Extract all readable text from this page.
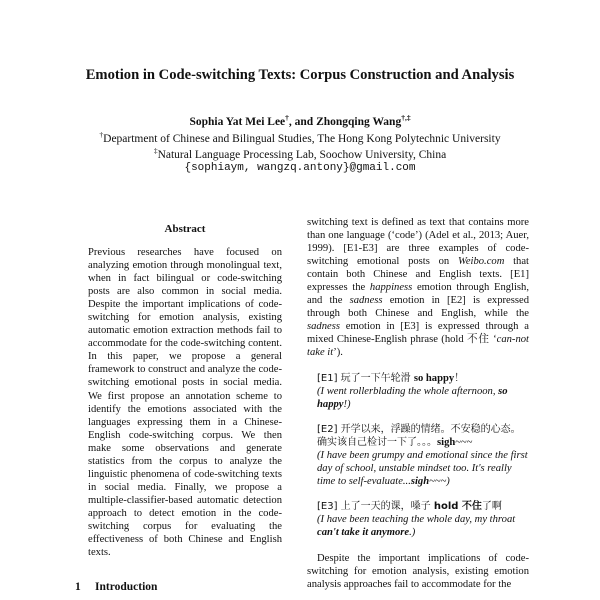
Emotion in Code-switching Texts: Corpus Construction and Analysis
Sophia Yat Mei Lee†, and Zhongqing Wang†,‡
†Department of Chinese and Bilingual Studies, The Hong Kong Polytechnic University
‡Natural Language Processing Lab, Soochow University, China
{sophiaym, wangzq.antony}@gmail.com
Abstract

Previous researches have focused on analyzing emotion through monolingual text, when in fact bilingual or code-switching posts are also common in social media. Despite the important implications of code-switching for emotion analysis, existing automatic emotion extraction methods fail to accommodate for the code-switching content. In this paper, we propose a general framework to construct and analyze the code-switching emotional posts in social media. We first propose an annotation scheme to identify the emotions associated with the languages expressing them in a Chinese-English code-switching corpus. We then make some observations and generate statistics from the corpus to analyze the linguistic phenomena of code-switching texts in social media. Finally, we propose a multiple-classifier-based automatic detection approach to detect emotion in the code-switching corpus for evaluating the effectiveness of both Chinese and English texts.

1 Introduction

switching text is defined as text that contains more than one language (‘code’) (Adel et al., 2013; Auer, 1999). [E1-E3] are three examples of code-switching emotional posts on Weibo.com that contain both Chinese and English texts. [E1] expresses the happiness emotion through English, and the sadness emotion in [E2] is expressed through both Chinese and English, while the sadness emotion in [E3] is expressed through a mixed Chinese-English phrase (hold 不住 ‘can-not take it’).

[E1] 玩了一下午轮滑 so happy！

(I went rollerblading the whole afternoon, so happy!)

[E2] 开学以来，浮躁的情绪。不安稳的心态。确实该自己检讨一下了。。。sigh~~~

(I have been grumpy and emotional since the first day of school, unstable mindset too. It's really time to self-evaluate...sigh~~~)

[E3] 上了一天的课，嗓子 hold 不住了啊

(I have been teaching the whole day, my throat can't take it anymore.)

Despite the important implications of code-switching for emotion analysis, existing emotion analysis approaches fail to accommodate for the
